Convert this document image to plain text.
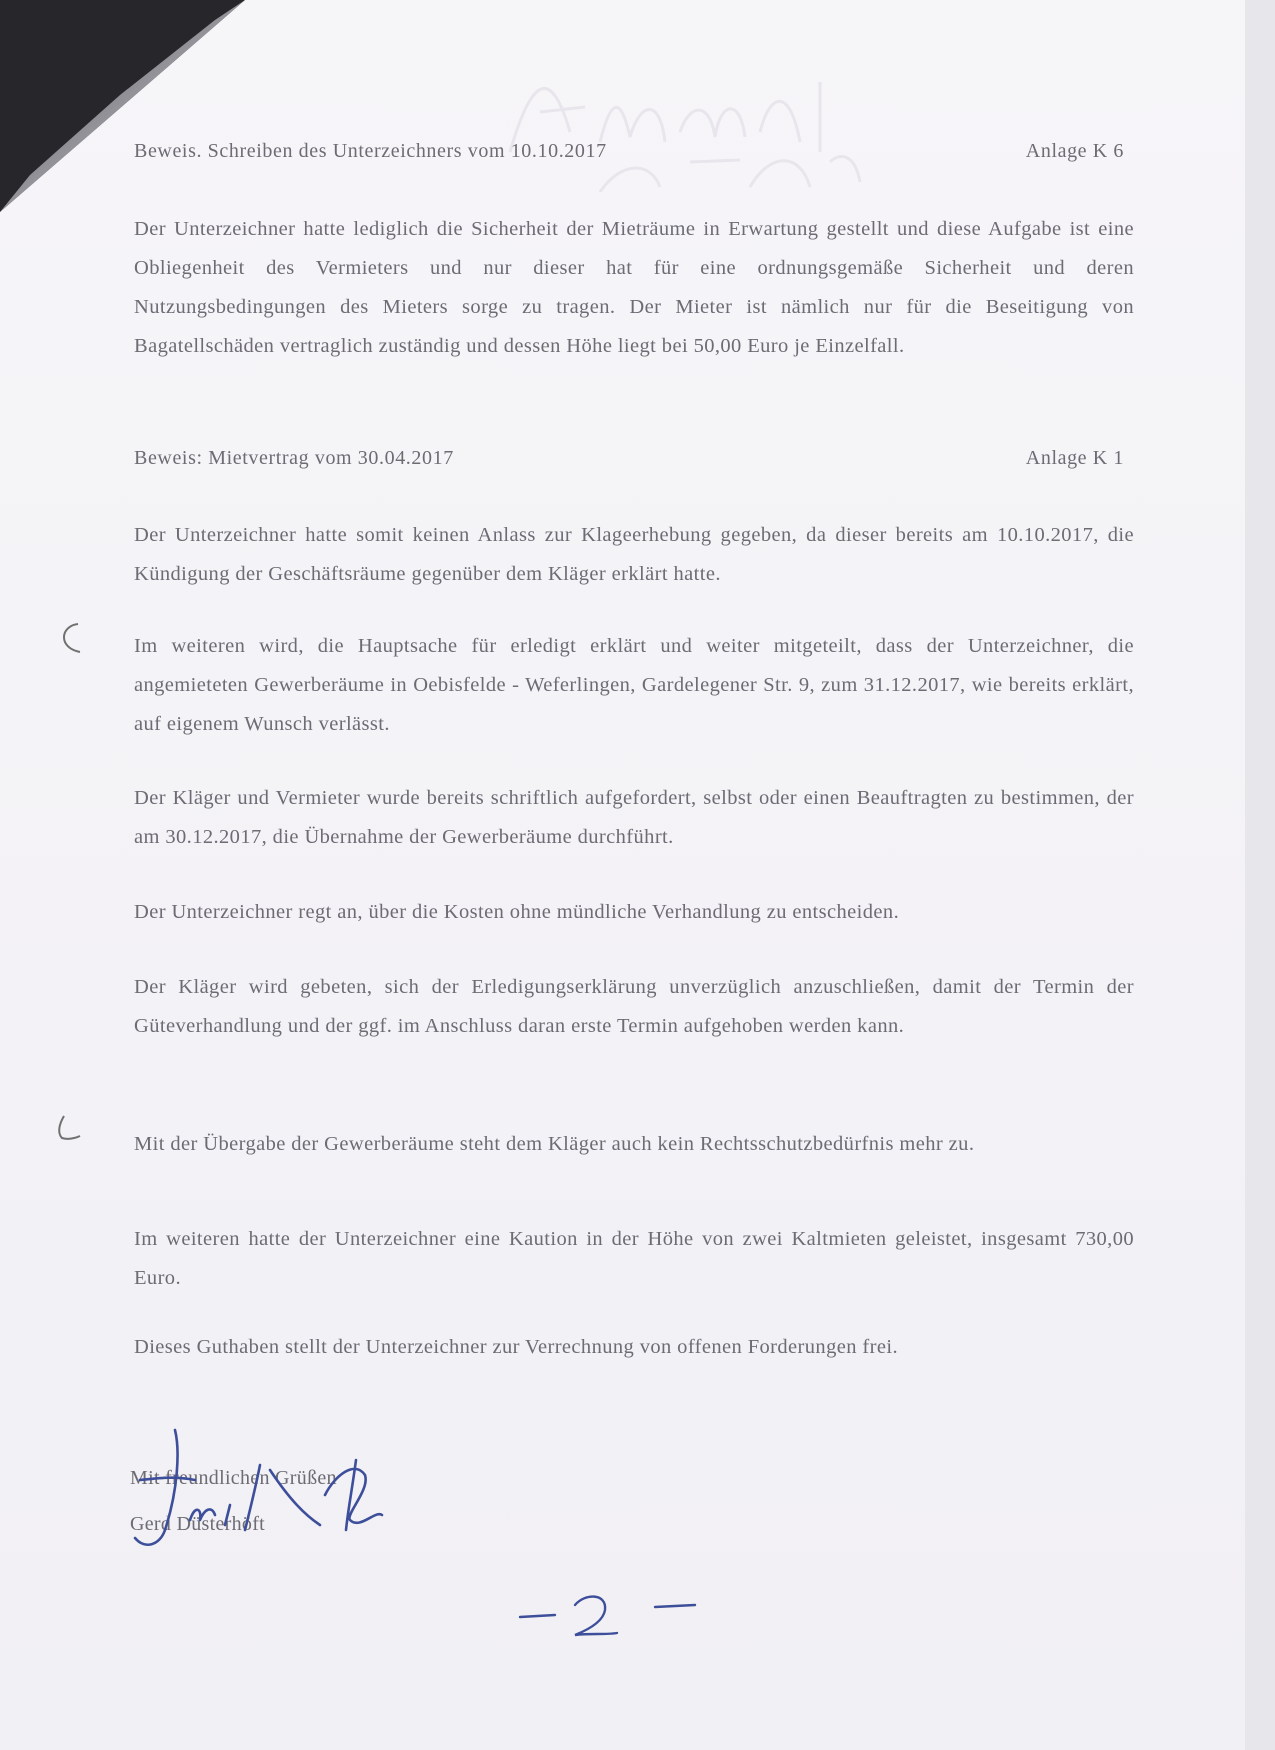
Beweis. Schreiben des Unterzeichners vom 10.10.2017	Anlage K 6

Der Unterzeichner hatte lediglich die Sicherheit der Mieträume in Erwartung gestellt und diese Aufgabe ist eine Obliegenheit des Vermieters und nur dieser hat für eine ordnungsgemäße Sicherheit und deren Nutzungsbedingungen des Mieters sorge zu tragen. Der Mieter ist nämlich nur für die Beseitigung von Bagatellschäden vertraglich zuständig und dessen Höhe liegt bei 50,00 Euro je Einzelfall.

Beweis: Mietvertrag vom 30.04.2017	Anlage K 1

Der Unterzeichner hatte somit keinen Anlass zur Klageerhebung gegeben, da dieser bereits am 10.10.2017, die Kündigung der Geschäftsräume gegenüber dem Kläger erklärt hatte.

Im weiteren wird, die Hauptsache für erledigt erklärt und weiter mitgeteilt, dass der Unterzeichner, die angemieteten Gewerberäume in Oebisfelde - Weferlingen, Gardelegener Str. 9, zum 31.12.2017, wie bereits erklärt, auf eigenem Wunsch verlässt.

Der Kläger und Vermieter wurde bereits schriftlich aufgefordert, selbst oder einen Beauftragten zu bestimmen, der am 30.12.2017, die Übernahme der Gewerberäume durchführt.

Der Unterzeichner regt an, über die Kosten ohne mündliche Verhandlung zu entscheiden.

Der Kläger wird gebeten, sich der Erledigungserklärung unverzüglich anzuschließen, damit der Termin der Güteverhandlung und der ggf. im Anschluss daran erste Termin aufgehoben werden kann.

Mit der Übergabe der Gewerberäume steht dem Kläger auch kein Rechtsschutzbedürfnis mehr zu.

Im weiteren hatte der Unterzeichner eine Kaution in der Höhe von zwei Kaltmieten geleistet, insgesamt 730,00 Euro.

Dieses Guthaben stellt der Unterzeichner zur Verrechnung von offenen Forderungen frei.

Mit freundlichen Grüßen
Gerd Düsterhöft
